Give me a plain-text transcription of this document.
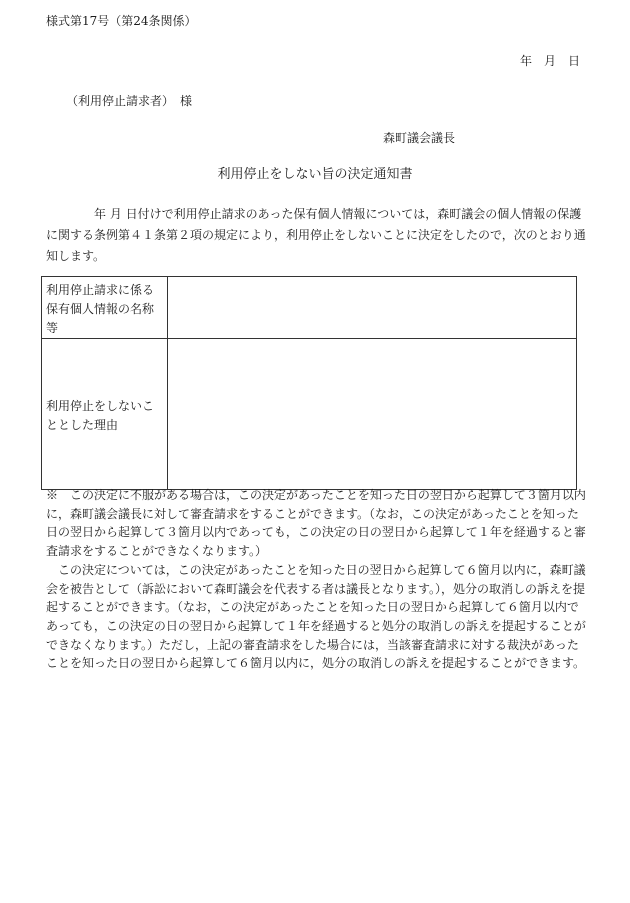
様式第17号（第24条関係）
年　月　日
（利用停止請求者）　様
森町議会議長
利用停止をしない旨の決定通知書
年 月 日付けで利用停止請求のあった保有個人情報については，森町議会の個人情報の保護に関する条例第４１条第２項の規定により，利用停止をしないことに決定をしたので，次のとおり通知します。
利用停止請求に係る保有個人情報の名称等	
利用停止をしないこととした理由	

※　この決定に不服がある場合は，この決定があったことを知った日の翌日から起算して３箇月以内に，森町議会議長に対して審査請求をすることができます。（なお，この決定があったことを知った日の翌日から起算して３箇月以内であっても，この決定の日の翌日から起算して１年を経過すると審査請求をすることができなくなります。）

この決定については，この決定があったことを知った日の翌日から起算して６箇月以内に，森町議会を被告として（訴訟において森町議会を代表する者は議長となります。），処分の取消しの訴えを提起することができます。（なお，この決定があったことを知った日の翌日から起算して６箇月以内であっても，この決定の日の翌日から起算して１年を経過すると処分の取消しの訴えを提起することができなくなります。）ただし，上記の審査請求をした場合には，当該審査請求に対する裁決があったことを知った日の翌日から起算して６箇月以内に，処分の取消しの訴えを提起することができます。
